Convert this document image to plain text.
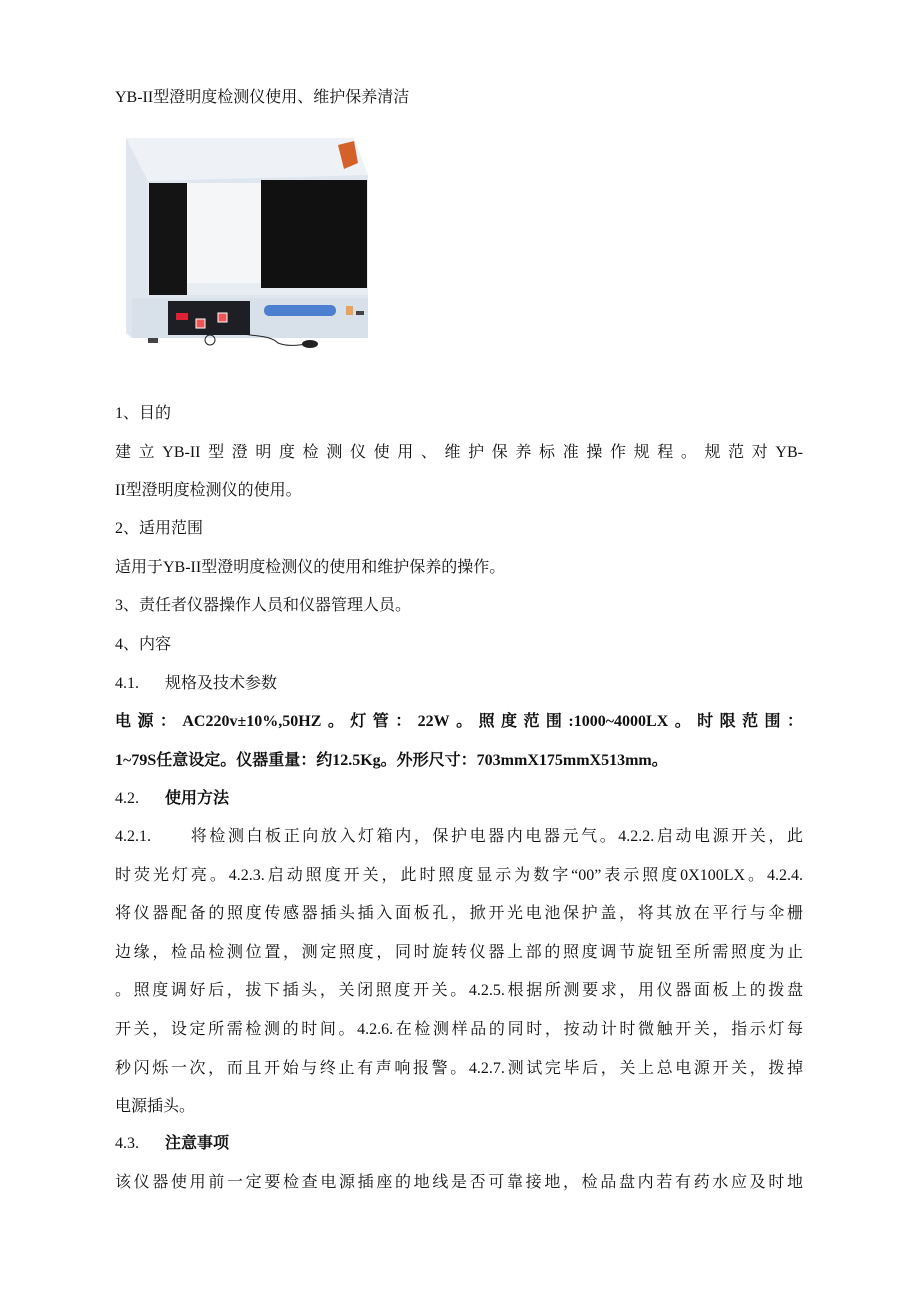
YB-II型澄明度检测仪使用、维护保养清洁
1、目的
建立YB-II型澄明度检测仪使用、维护保养标准操作规程。规范对YB-
II型澄明度检测仪的使用。
2、适用范围
适用于YB-II型澄明度检测仪的使用和维护保养的操作。
3、责任者仪器操作人员和仪器管理人员。
4、内容
4.1. 规格及技术参数
电源：AC220v±10%,50HZ。灯管：22W。照度范围:1000~4000LX。时限范围：
1~79S任意设定。仪器重量：约12.5Kg。外形尺寸：703mmX175mmX513mm。
4.2. 使用方法
4.2.1.　　将检测白板正向放入灯箱内，保护电器内电器元气。4.2.2.启动电源开关，此
时荧光灯亮。4.2.3.启动照度开关，此时照度显示为数字“00”表示照度0X100LX。4.2.4.
将仪器配备的照度传感器插头插入面板孔，掀开光电池保护盖，将其放在平行与伞栅
边缘，检品检测位置，测定照度，同时旋转仪器上部的照度调节旋钮至所需照度为止
。照度调好后，拔下插头，关闭照度开关。4.2.5.根据所测要求，用仪器面板上的拨盘
开关，设定所需检测的时间。4.2.6.在检测样品的同时，按动计时微触开关，指示灯每
秒闪烁一次，而且开始与终止有声响报警。4.2.7.测试完毕后，关上总电源开关，拨掉
电源插头。
4.3. 注意事项
该仪器使用前一定要检查电源插座的地线是否可靠接地，检品盘内若有药水应及时地
